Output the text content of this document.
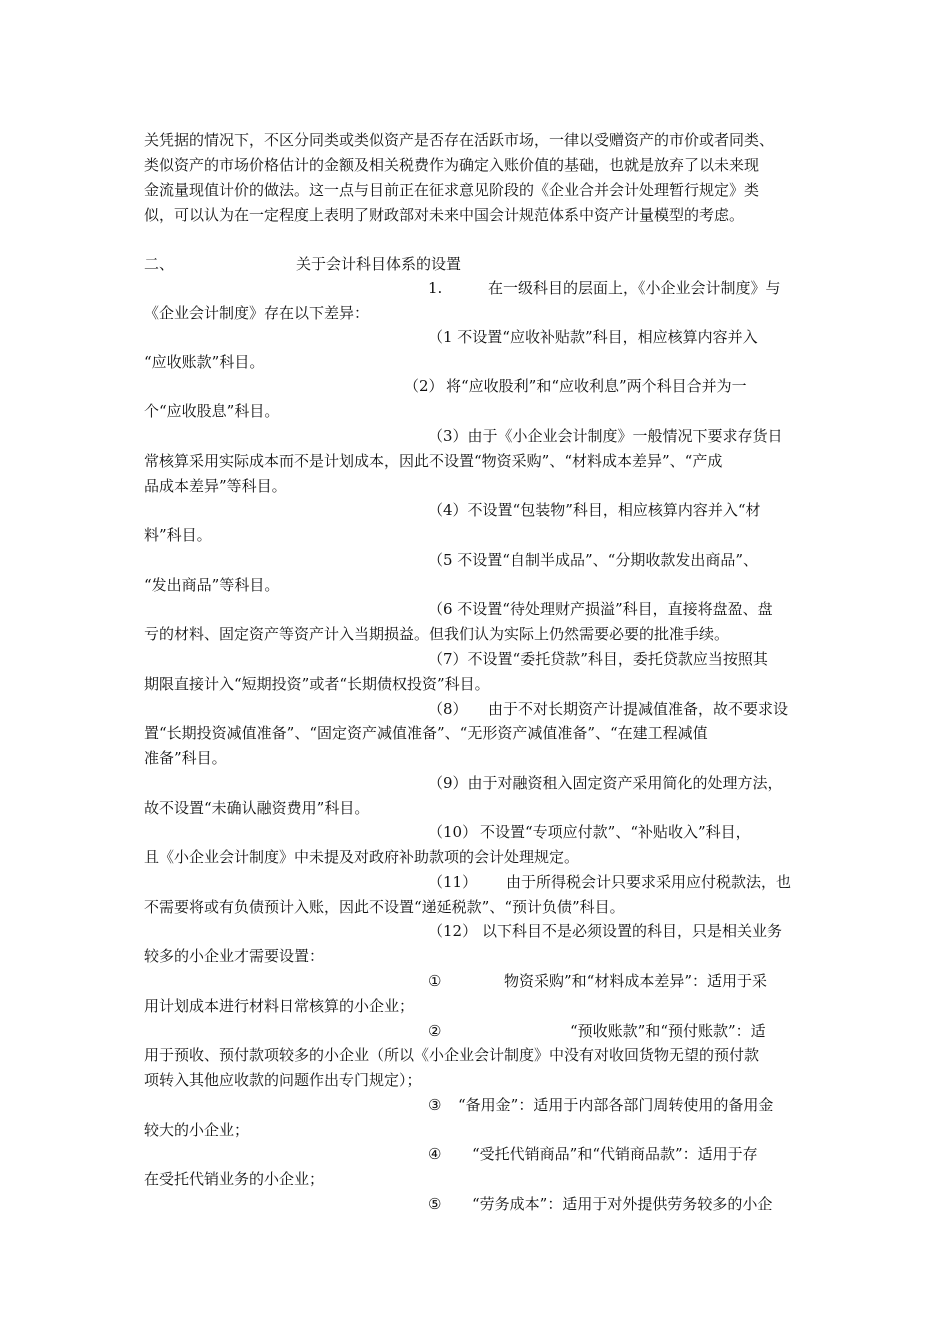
关凭据的情况下，不区分同类或类似资产是否存在活跃市场，一律以受赠资产的市价或者同类、
类似资产的市场价格估计的金额及相关税费作为确定入账价值的基础，也就是放弃了以未来现
金流量现值计价的做法。这一点与目前正在征求意见阶段的《企业合并会计处理暂行规定》类
似，可以认为在一定程度上表明了财政部对未来中国会计规范体系中资产计量模型的考虑。
二、	关于会计科目体系的设置
1.	在一级科目的层面上，《小企业会计制度》与
《企业会计制度》存在以下差异：
（1 不设置“应收补贴款”科目，相应核算内容并入
“应收账款”科目。
（2） 将“应收股利”和“应收利息”两个科目合并为一
个“应收股息”科目。
（3）由于《小企业会计制度》一般情况下要求存货日
常核算采用实际成本而不是计划成本，因此不设置“物资采购”、“材料成本差异”、“产成
品成本差异”等科目。
（4）不设置“包装物”科目，相应核算内容并入“材
料”科目。
（5 不设置“自制半成品”、“分期收款发出商品”、
“发出商品”等科目。
（6 不设置“待处理财产损溢”科目，直接将盘盈、盘
亏的材料、固定资产等资产计入当期损益。但我们认为实际上仍然需要必要的批准手续。
（7）不设置“委托贷款”科目，委托贷款应当按照其
期限直接计入“短期投资”或者“长期债权投资”科目。
（8） 由于不对长期资产计提减值准备，故不要求设
置“长期投资减值准备”、“固定资产减值准备”、“无形资产减值准备”、“在建工程减值
准备”科目。
（9）由于对融资租入固定资产采用简化的处理方法，
故不设置“未确认融资费用”科目。
（10） 不设置“专项应付款”、“补贴收入”科目，
且《小企业会计制度》中未提及对政府补助款项的会计处理规定。
（11） 由于所得税会计只要求采用应付税款法，也
不需要将或有负债预计入账，因此不设置“递延税款”、“预计负债”科目。
（12） 以下科目不是必须设置的科目，只是相关业务
较多的小企业才需要设置：
①	物资采购”和“材料成本差异”：适用于采
用计划成本进行材料日常核算的小企业；
②	“预收账款”和“预付账款”：适
用于预收、预付款项较多的小企业（所以《小企业会计制度》中没有对收回货物无望的预付款
项转入其他应收款的问题作出专门规定）；
③ “备用金”：适用于内部各部门周转使用的备用金
较大的小企业；
④ “受托代销商品”和“代销商品款”：适用于存
在受托代销业务的小企业；
⑤ “劳务成本”：适用于对外提供劳务较多的小企
